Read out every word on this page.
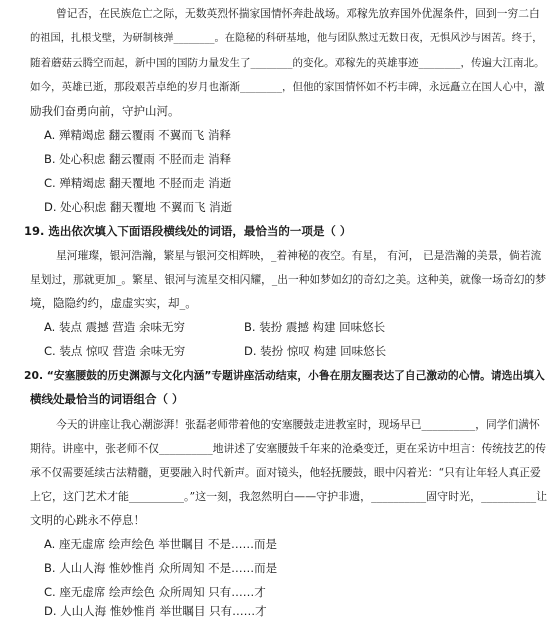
曾记否，在民族危亡之际，无数英烈怀揣家国情怀奔赴战场。邓稼先放弃国外优渥条件，回到一穷二白
的祖国，扎根戈壁，为研制核弹________。在隐秘的科研基地，他与团队熬过无数日夜，无惧风沙与困苦。终于，
随着蘑菇云腾空而起，新中国的国防力量发生了________的变化。邓稼先的英雄事迹________，传遍大江南北。
如今，英雄已逝，那段艰苦卓绝的岁月也渐渐________，但他的家国情怀如不朽丰碑，永远矗立在国人心中，激
励我们奋勇向前，守护山河。
A. 殚精竭虑 翻云覆雨 不翼而飞 消释
B. 处心积虑 翻云覆雨 不胫而走 消释
C. 殚精竭虑 翻天覆地 不胫而走 消逝
D. 处心积虑 翻天覆地 不翼而飞 消逝
19. 选出依次填入下面语段横线处的词语，最恰当的一项是（ ）
星河璀璨，银河浩瀚，繁星与银河交相辉映，_着神秘的夜空。有星， 有河， 已是浩瀚的美景，倘若流
星划过，那就更加_。繁星、银河与流星交相闪耀，_出一种如梦如幻的奇幻之美。这种美，就像一场奇幻的梦
境，隐隐约约，虚虚实实，却_。
A. 装点 震撼 营造 余味无穷	B. 装扮 震撼 构建 回味悠长
C. 装点 惊叹 营造 余味无穷	D. 装扮 惊叹 构建 回味悠长
20. “安塞腰鼓的历史渊源与文化内涵”专题讲座活动结束，小鲁在朋友圈表达了自己激动的心情。请选出填入
横线处最恰当的词语组合（ ）
今天的讲座让我心潮澎湃！张磊老师带着他的安塞腰鼓走进教室时，现场早已__________，同学们满怀
期待。讲座中，张老师不仅__________地讲述了安塞腰鼓千年来的沧桑变迁，更在采访中坦言：传统技艺的传
承不仅需要延续古法精髓，更要融入时代新声。面对镜头，他轻抚腰鼓，眼中闪着光：“只有让年轻人真正爱
上它，这门艺术才能__________。”这一刻，我忽然明白——守护非遗，__________固守时光，__________让
文明的心跳永不停息！
A. 座无虚席 绘声绘色 举世瞩目 不是……而是
B. 人山人海 惟妙惟肖 众所周知 不是……而是
C. 座无虚席 绘声绘色 众所周知 只有……才
D. 人山人海 惟妙惟肖 举世瞩目 只有……才
